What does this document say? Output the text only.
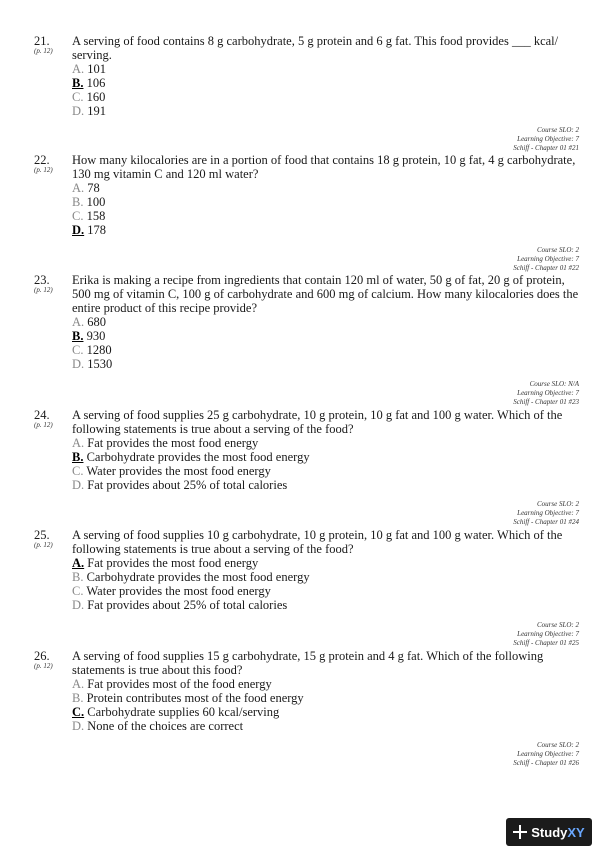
21.
(p. 12)
A serving of food contains 8 g carbohydrate, 5 g protein and 6 g fat. This food provides ___ kcal/ serving.
A. 101
B. 106
C. 160
D. 191
Course SLO: 2
Learning Objective: 7
Schiff - Chapter 01 #21
22.
(p. 12)
How many kilocalories are in a portion of food that contains 18 g protein, 10 g fat, 4 g carbohydrate, 130 mg vitamin C and 120 ml water?
A. 78
B. 100
C. 158
D. 178
Course SLO: 2
Learning Objective: 7
Schiff - Chapter 01 #22
23.
(p. 12)
Erika is making a recipe from ingredients that contain 120 ml of water, 50 g of fat, 20 g of protein, 500 mg of vitamin C, 100 g of carbohydrate and 600 mg of calcium. How many kilocalories does the entire product of this recipe provide?
A. 680
B. 930
C. 1280
D. 1530
Course SLO: N/A
Learning Objective: 7
Schiff - Chapter 01 #23
24.
(p. 12)
A serving of food supplies 25 g carbohydrate, 10 g protein, 10 g fat and 100 g water. Which of the following statements is true about a serving of the food?
A. Fat provides the most food energy
B. Carbohydrate provides the most food energy
C. Water provides the most food energy
D. Fat provides about 25% of total calories
Course SLO: 2
Learning Objective: 7
Schiff - Chapter 01 #24
25.
(p. 12)
A serving of food supplies 10 g carbohydrate, 10 g protein, 10 g fat and 100 g water. Which of the following statements is true about a serving of the food?
A. Fat provides the most food energy
B. Carbohydrate provides the most food energy
C. Water provides the most food energy
D. Fat provides about 25% of total calories
Course SLO: 2
Learning Objective: 7
Schiff - Chapter 01 #25
26.
(p. 12)
A serving of food supplies 15 g carbohydrate, 15 g protein and 4 g fat. Which of the following statements is true about this food?
A. Fat provides most of the food energy
B. Protein contributes most of the food energy
C. Carbohydrate supplies 60 kcal/serving
D. None of the choices are correct
Course SLO: 2
Learning Objective: 7
Schiff - Chapter 01 #26
Study XY
